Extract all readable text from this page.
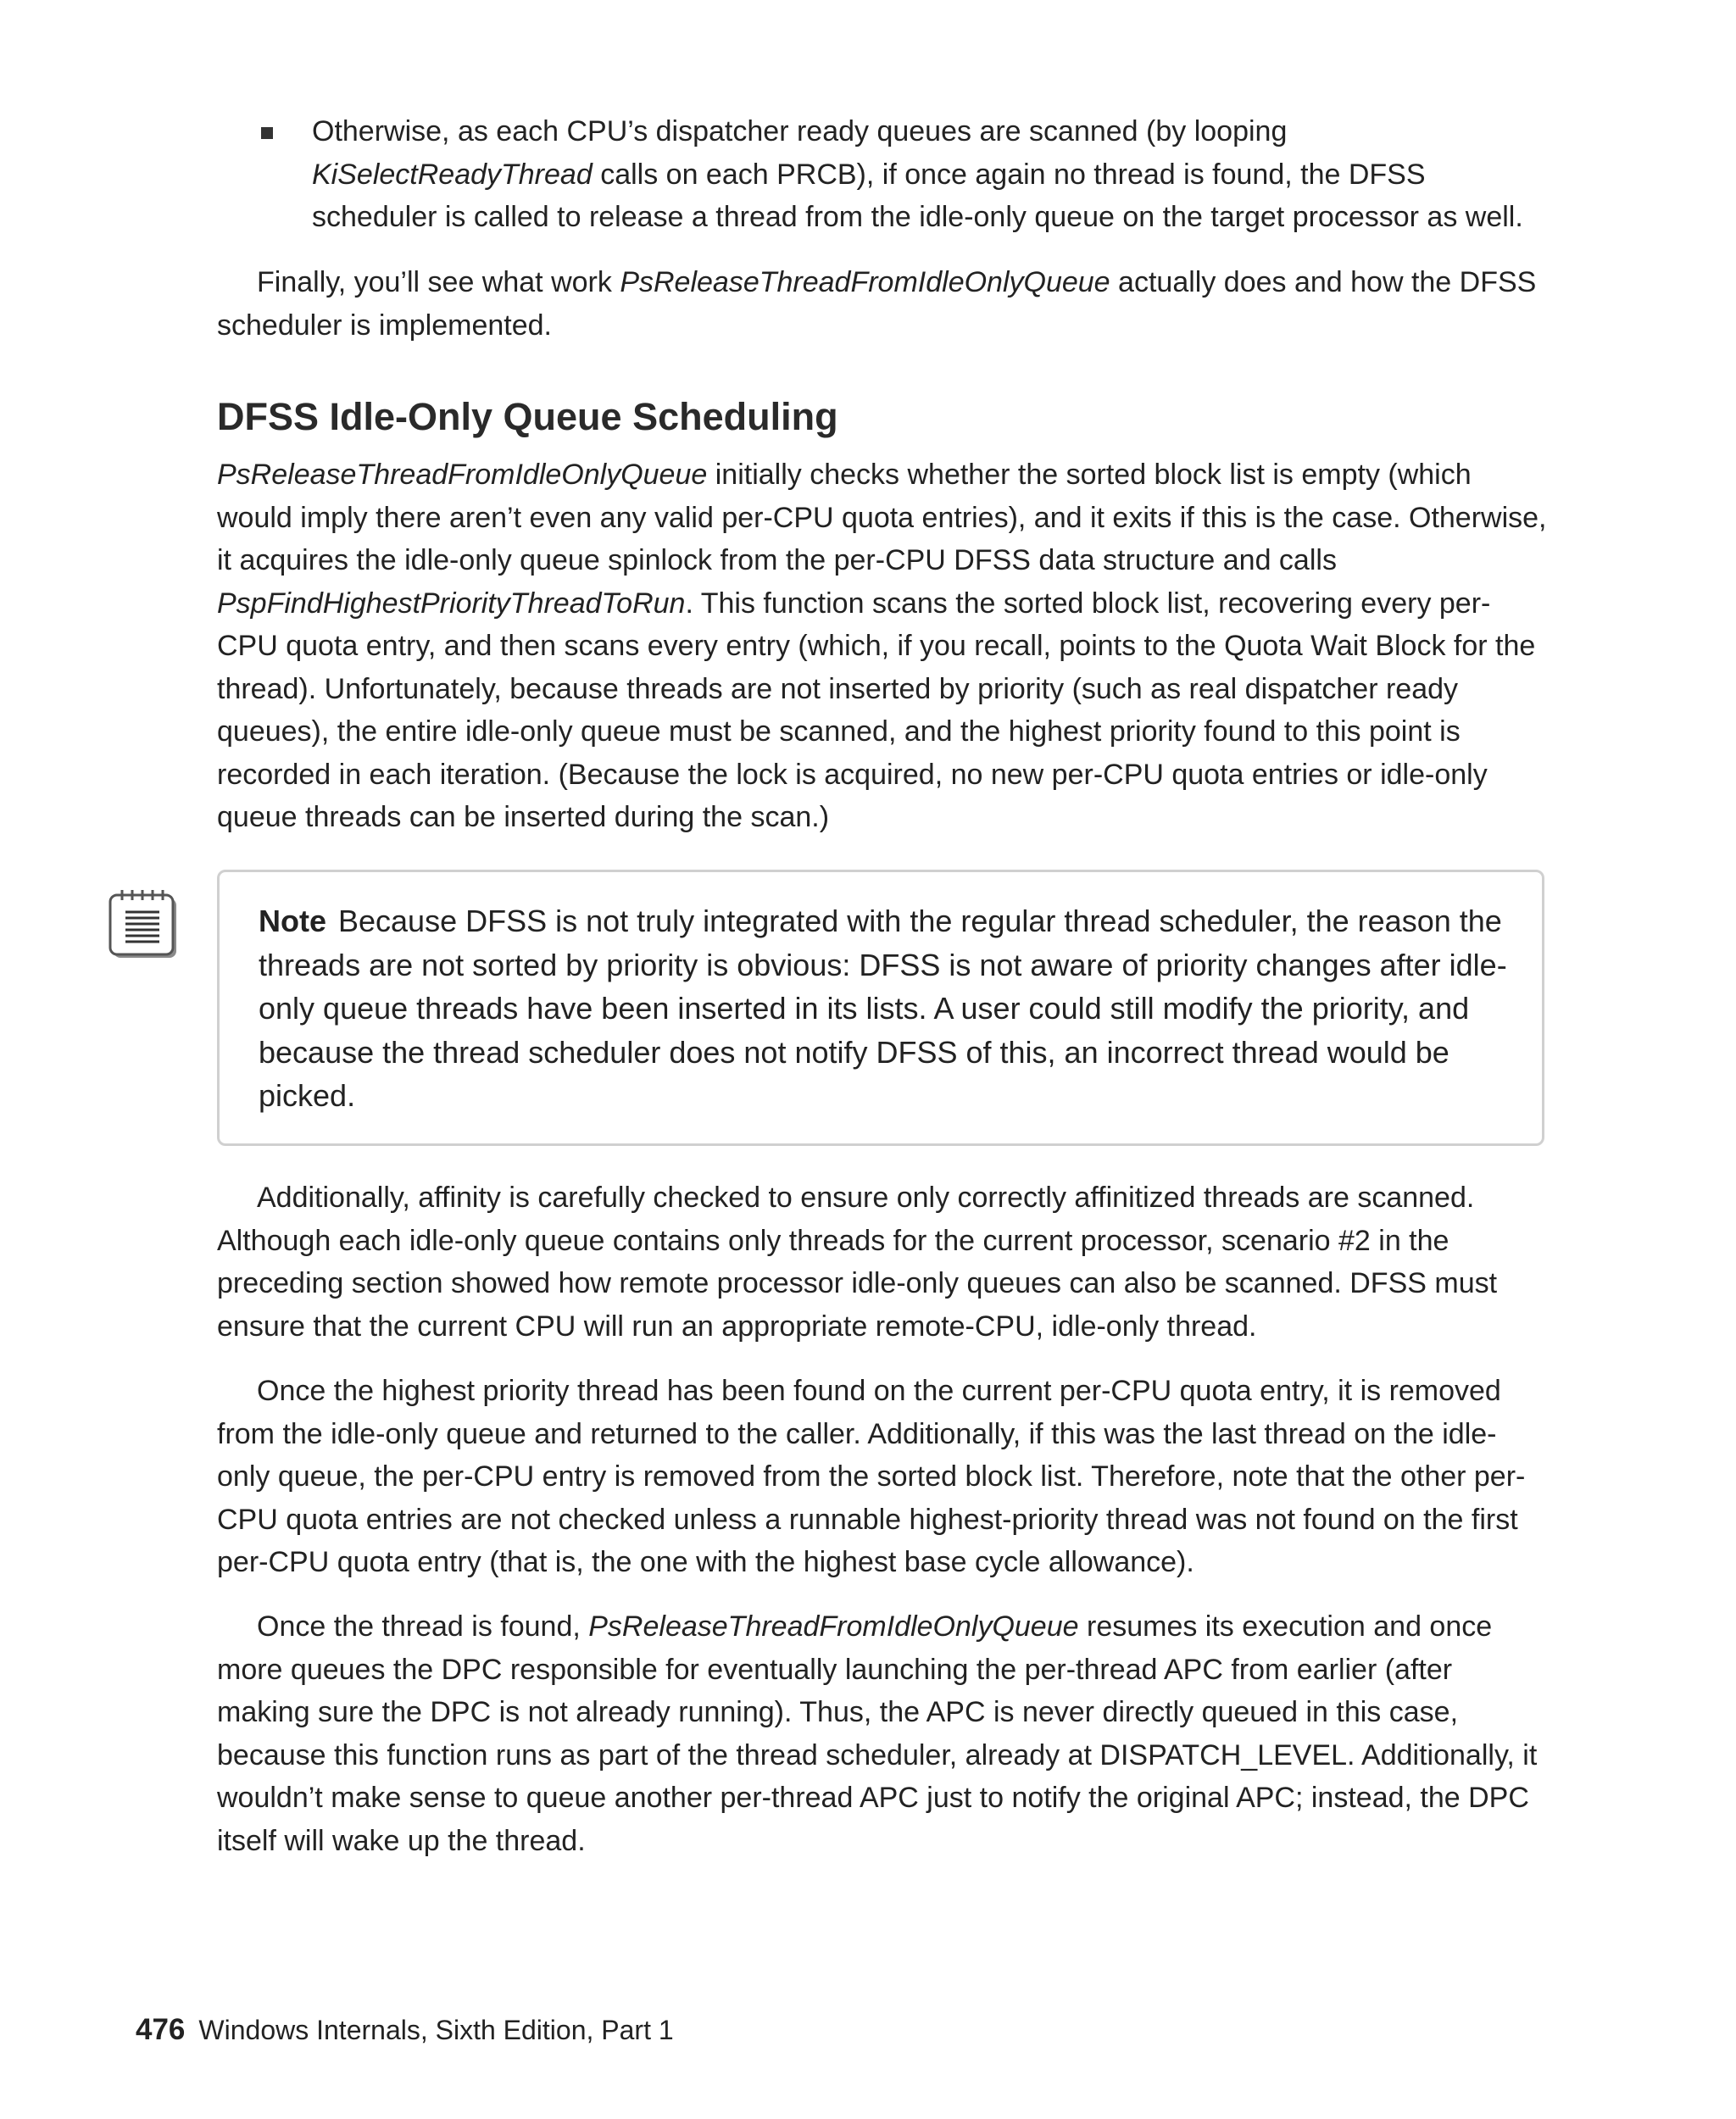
Otherwise, as each CPU’s dispatcher ready queues are scanned (by looping KiSelectReadyThread calls on each PRCB), if once again no thread is found, the DFSS scheduler is called to release a thread from the idle-only queue on the target processor as well.

Finally, you’ll see what work PsReleaseThreadFromIdleOnlyQueue actually does and how the DFSS scheduler is implemented.

DFSS Idle-Only Queue Scheduling

PsReleaseThreadFromIdleOnlyQueue initially checks whether the sorted block list is empty (which would imply there aren’t even any valid per-CPU quota entries), and it exits if this is the case. Otherwise, it acquires the idle-only queue spinlock from the per-CPU DFSS data structure and calls PspFindHighestPriorityThreadToRun. This function scans the sorted block list, recovering every per-CPU quota entry, and then scans every entry (which, if you recall, points to the Quota Wait Block for the thread). Unfortunately, because threads are not inserted by priority (such as real dispatcher ready queues), the entire idle-only queue must be scanned, and the highest priority found to this point is recorded in each iteration. (Because the lock is acquired, no new per-CPU quota entries or idle-only queue threads can be inserted during the scan.)

Note Because DFSS is not truly integrated with the regular thread scheduler, the reason the threads are not sorted by priority is obvious: DFSS is not aware of priority changes after idle-only queue threads have been inserted in its lists. A user could still modify the priority, and because the thread scheduler does not notify DFSS of this, an incorrect thread would be picked.

Additionally, affinity is carefully checked to ensure only correctly affinitized threads are scanned. Although each idle-only queue contains only threads for the current processor, scenario #2 in the preceding section showed how remote processor idle-only queues can also be scanned. DFSS must ensure that the current CPU will run an appropriate remote-CPU, idle-only thread.

Once the highest priority thread has been found on the current per-CPU quota entry, it is removed from the idle-only queue and returned to the caller. Additionally, if this was the last thread on the idle-only queue, the per-CPU entry is removed from the sorted block list. Therefore, note that the other per-CPU quota entries are not checked unless a runnable highest-priority thread was not found on the first per-CPU quota entry (that is, the one with the highest base cycle allowance).

Once the thread is found, PsReleaseThreadFromIdleOnlyQueue resumes its execution and once more queues the DPC responsible for eventually launching the per-thread APC from earlier (after making sure the DPC is not already running). Thus, the APC is never directly queued in this case, because this function runs as part of the thread scheduler, already at DISPATCH_LEVEL. Additionally, it wouldn’t make sense to queue another per-thread APC just to notify the original APC; instead, the DPC itself will wake up the thread.

476 Windows Internals, Sixth Edition, Part 1
